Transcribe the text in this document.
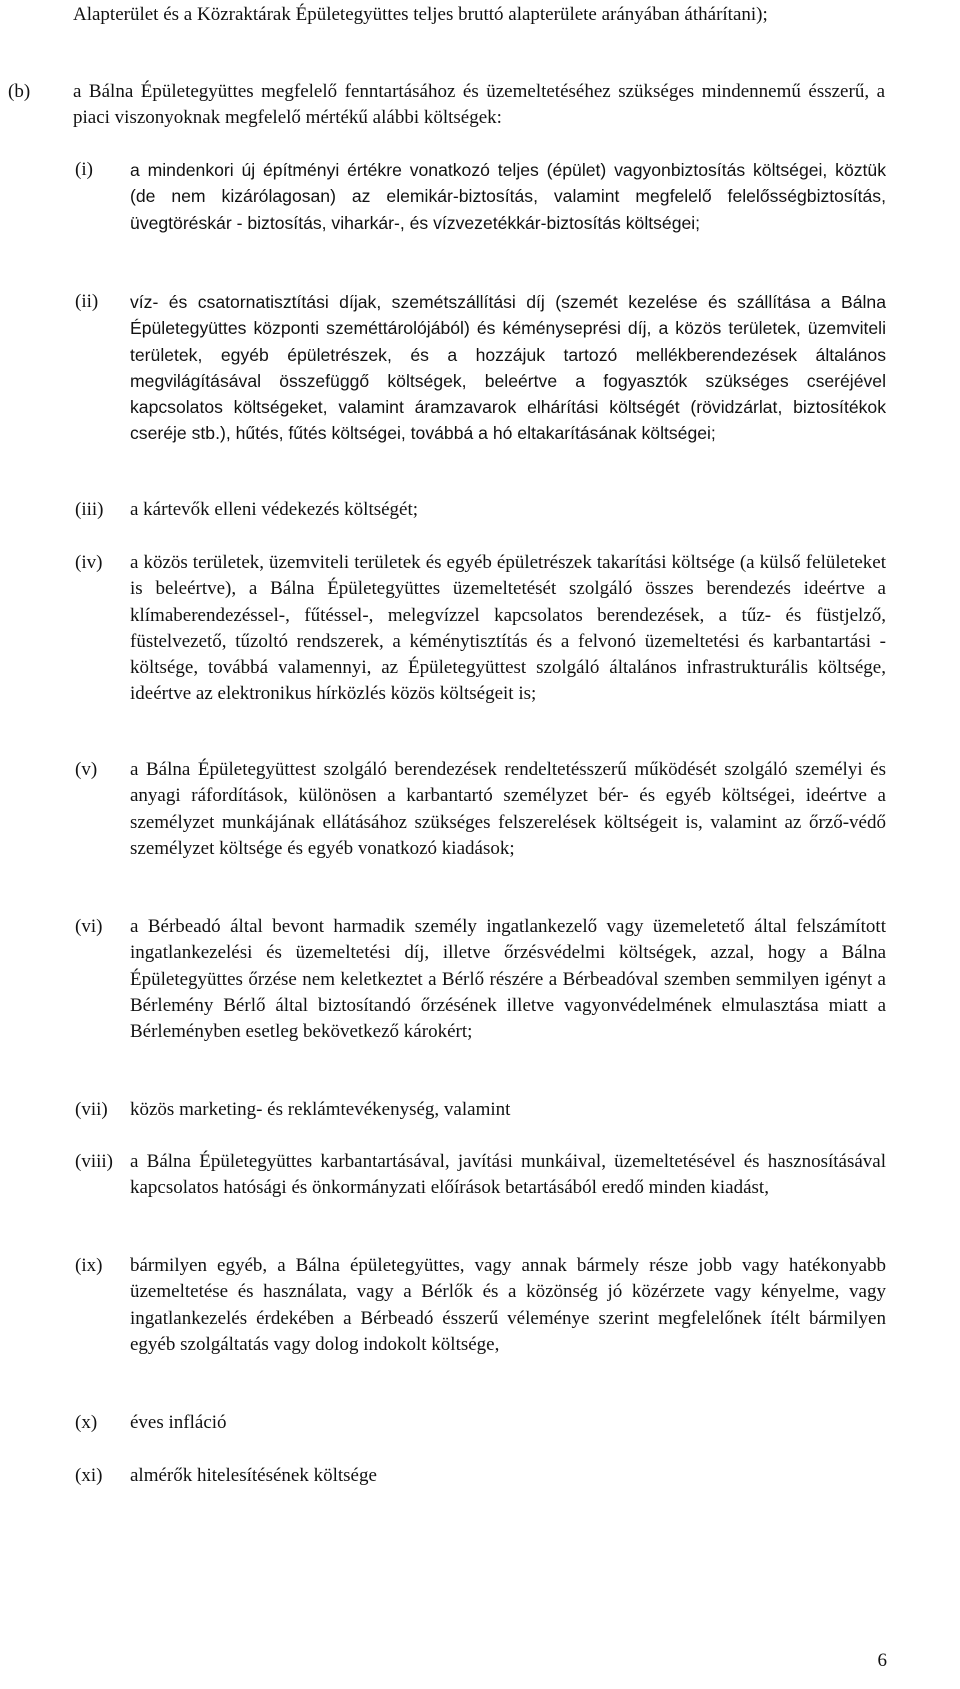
Alapterület és a Közraktárak Épületegyüttes teljes bruttó alapterülete arányában áthárítani);
(b) a Bálna Épületegyüttes megfelelő fenntartásához és üzemeltetéséhez szükséges mindennemű ésszerű, a piaci viszonyoknak megfelelő mértékű alábbi költségek:
(i) a mindenkori új építményi értékre vonatkozó teljes (épület) vagyonbiztosítás költségei, köztük (de nem kizárólagosan) az elemikár-biztosítás, valamint megfelelő felelősségbiztosítás, üvegtöréskár - biztosítás, viharkár-, és vízvezetékkár-biztosítás költségei;
(ii) víz- és csatornatisztítási díjak, szemétszállítási díj (szemét kezelése és szállítása a Bálna Épületegyüttes központi szeméttárolójából) és kéményseprési díj, a közös területek, üzemviteli területek, egyéb épületrészek, és a hozzájuk tartozó mellékberendezések általános megvilágításával összefüggő költségek, beleértve a fogyasztók szükséges cseréjével kapcsolatos költségeket, valamint áramzavarok elhárítási költségét (rövidzárlat, biztosítékok cseréje stb.), hűtés, fűtés költségei, továbbá a hó eltakarításának költségei;
(iii) a kártevők elleni védekezés költségét;
(iv) a közös területek, üzemviteli területek és egyéb épületrészek takarítási költsége (a külső felületeket is beleértve), a Bálna Épületegyüttes üzemeltetését szolgáló összes berendezés ideértve a klímaberendezéssel-, fűtéssel-, melegvízzel kapcsolatos berendezések, a tűz- és füstjelző, füstelvezető, tűzoltó rendszerek, a kéménytisztítás és a felvonó üzemeltetési és karbantartási - költsége, továbbá valamennyi, az Épületegyüttest szolgáló általános infrastrukturális költsége, ideértve az elektronikus hírközlés közös költségeit is;
(v) a Bálna Épületegyüttest szolgáló berendezések rendeltetésszerű működését szolgáló személyi és anyagi ráfordítások, különösen a karbantartó személyzet bér- és egyéb költségei, ideértve a személyzet munkájának ellátásához szükséges felszerelések költségeit is, valamint az őrző-védő személyzet költsége és egyéb vonatkozó kiadások;
(vi) a Bérbeadó által bevont harmadik személy ingatlankezelő vagy üzemeletető által felszámított ingatlankezelési és üzemeltetési díj, illetve őrzésvédelmi költségek, azzal, hogy a Bálna Épületegyüttes őrzése nem keletkeztet a Bérlő részére a Bérbeadóval szemben semmilyen igényt a Bérlemény Bérlő által biztosítandó őrzésének illetve vagyonvédelmének elmulasztása miatt a Bérleményben esetleg bekövetkező károkért;
(vii) közös marketing- és reklámtevékenység, valamint
(viii) a Bálna Épületegyüttes karbantartásával, javítási munkáival, üzemeltetésével és hasznosításával kapcsolatos hatósági és önkormányzati előírások betartásából eredő minden kiadást,
(ix) bármilyen egyéb, a Bálna épületegyüttes, vagy annak bármely része jobb vagy hatékonyabb üzemeltetése és használata, vagy a Bérlők és a közönség jó közérzete vagy kényelme, vagy ingatlankezelés érdekében a Bérbeadó ésszerű véleménye szerint megfelelőnek ítélt bármilyen egyéb szolgáltatás vagy dolog indokolt költsége,
(x) éves infláció
(xi) almérők hitelesítésének költsége
6
